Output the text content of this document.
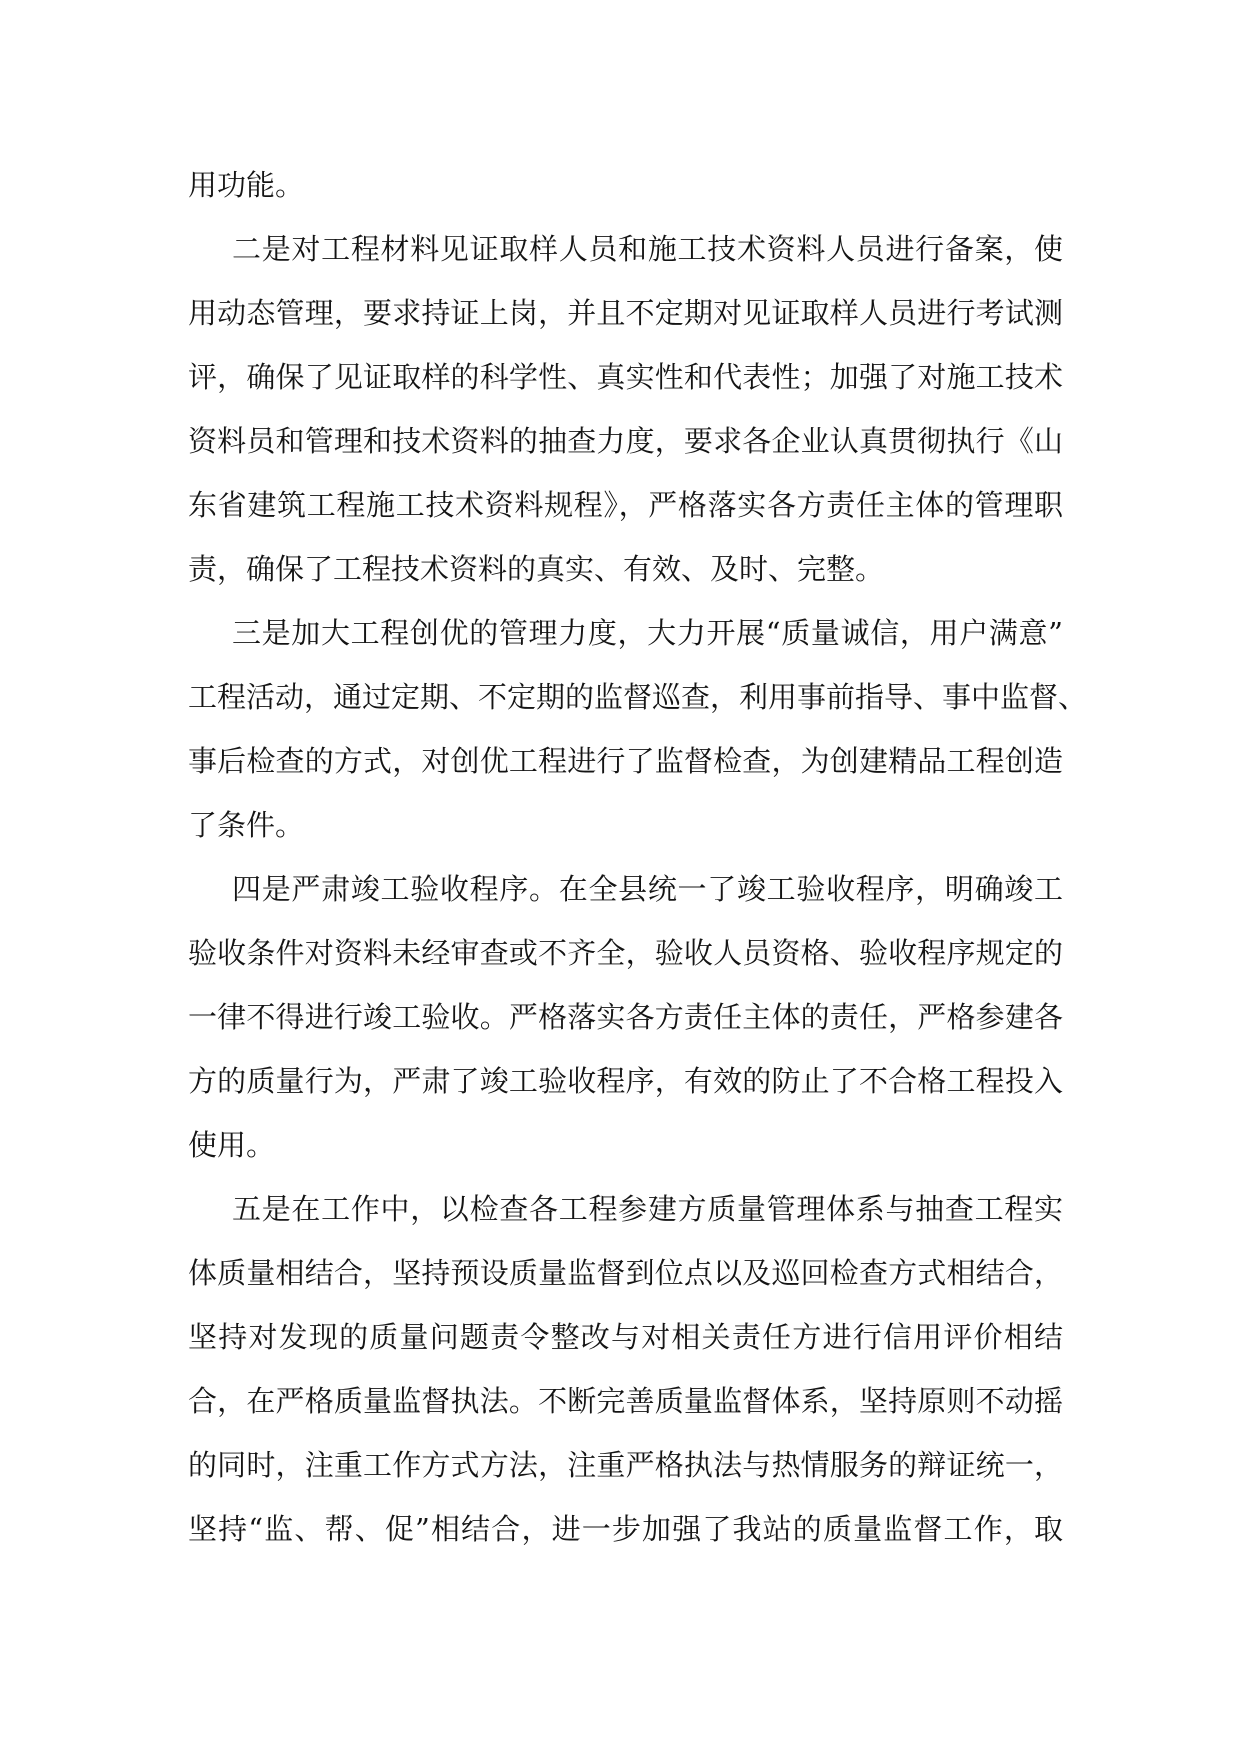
用功能。
二是对工程材料见证取样人员和施工技术资料人员进行备案，使
用动态管理，要求持证上岗，并且不定期对见证取样人员进行考试测
评，确保了见证取样的科学性、真实性和代表性；加强了对施工技术
资料员和管理和技术资料的抽查力度，要求各企业认真贯彻执行《山
东省建筑工程施工技术资料规程》，严格落实各方责任主体的管理职
责，确保了工程技术资料的真实、有效、及时、完整。
三是加大工程创优的管理力度，大力开展“质量诚信，用户满意”
工程活动，通过定期、不定期的监督巡查，利用事前指导、事中监督、
事后检查的方式，对创优工程进行了监督检查，为创建精品工程创造
了条件。
四是严肃竣工验收程序。在全县统一了竣工验收程序，明确竣工
验收条件对资料未经审查或不齐全，验收人员资格、验收程序规定的
一律不得进行竣工验收。严格落实各方责任主体的责任，严格参建各
方的质量行为，严肃了竣工验收程序，有效的防止了不合格工程投入
使用。
五是在工作中，以检查各工程参建方质量管理体系与抽查工程实
体质量相结合，坚持预设质量监督到位点以及巡回检查方式相结合，
坚持对发现的质量问题责令整改与对相关责任方进行信用评价相结
合，在严格质量监督执法。不断完善质量监督体系，坚持原则不动摇
的同时，注重工作方式方法，注重严格执法与热情服务的辩证统一，
坚持“监、帮、促”相结合，进一步加强了我站的质量监督工作，取
